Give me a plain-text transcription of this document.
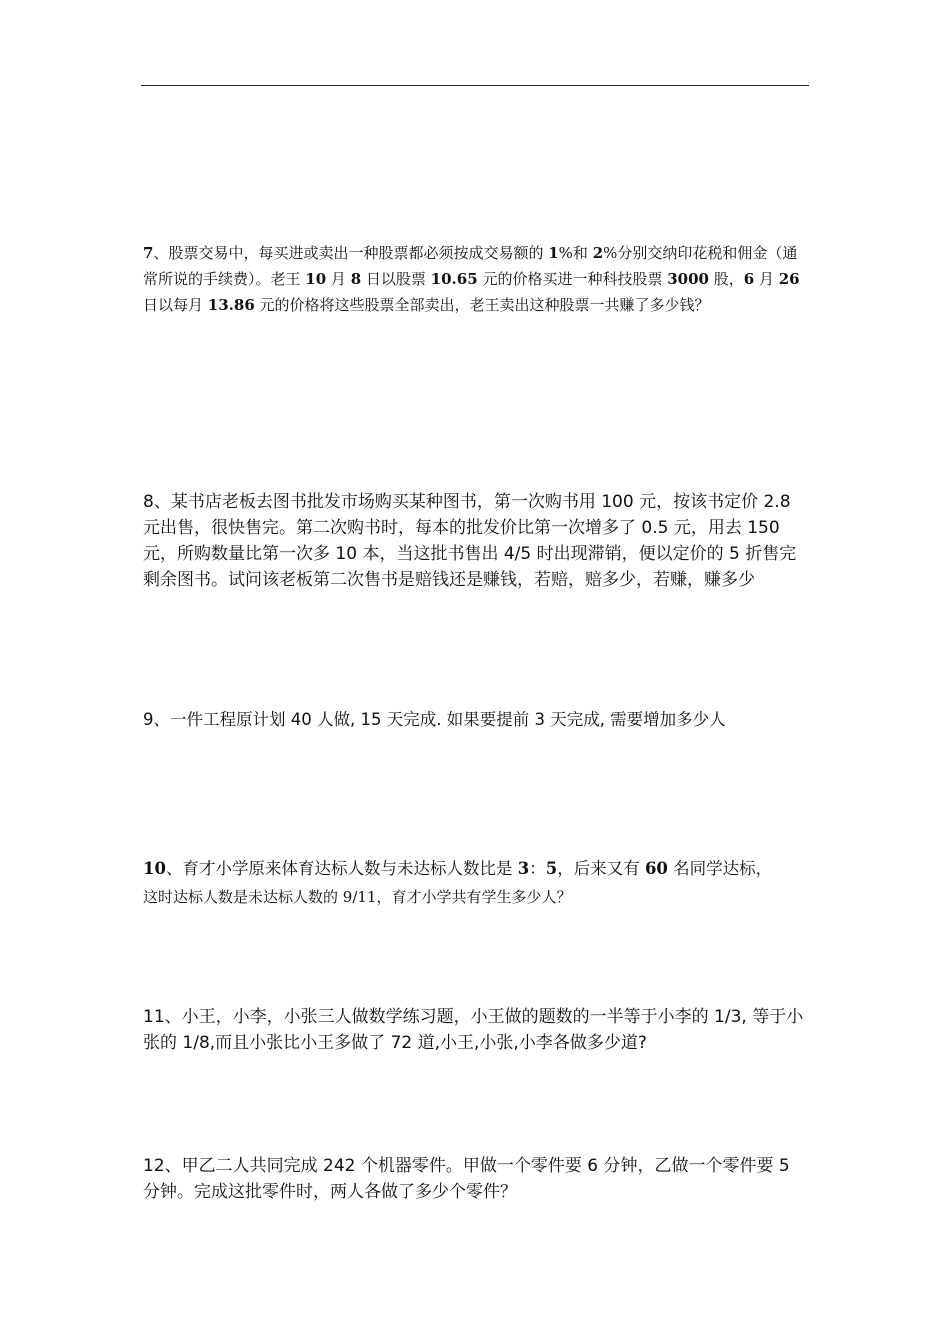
7、股票交易中，每买进或卖出一种股票都必须按成交易额的 1%和 2%分别交纳印花税和佣金（通常所说的手续费）。老王 10 月 8 日以股票 10.65 元的价格买进一种科技股票 3000 股，6 月 26 日以每月 13.86 元的价格将这些股票全部卖出，老王卖出这种股票一共赚了多少钱？

8、某书店老板去图书批发市场购买某种图书，第一次购书用 100 元，按该书定价 2.8 元出售，很快售完。第二次购书时，每本的批发价比第一次增多了 0.5 元，用去 150 元，所购数量比第一次多 10 本，当这批书售出 4/5 时出现滞销，便以定价的 5 折售完剩余图书。试问该老板第二次售书是赔钱还是赚钱，若赔，赔多少，若赚，赚多少

9、一件工程原计划 40 人做, 15 天完成. 如果要提前 3 天完成, 需要增加多少人

10、育才小学原来体育达标人数与未达标人数比是 3：5，后来又有 60 名同学达标，
这时达标人数是未达标人数的 9/11，育才小学共有学生多少人？

11、小王，小李，小张三人做数学练习题，小王做的题数的一半等于小李的 1/3, 等于小张的 1/8,而且小张比小王多做了 72 道,小王,小张,小李各做多少道?

12、甲乙二人共同完成 242 个机器零件。甲做一个零件要 6 分钟，乙做一个零件要 5 分钟。完成这批零件时，两人各做了多少个零件？
